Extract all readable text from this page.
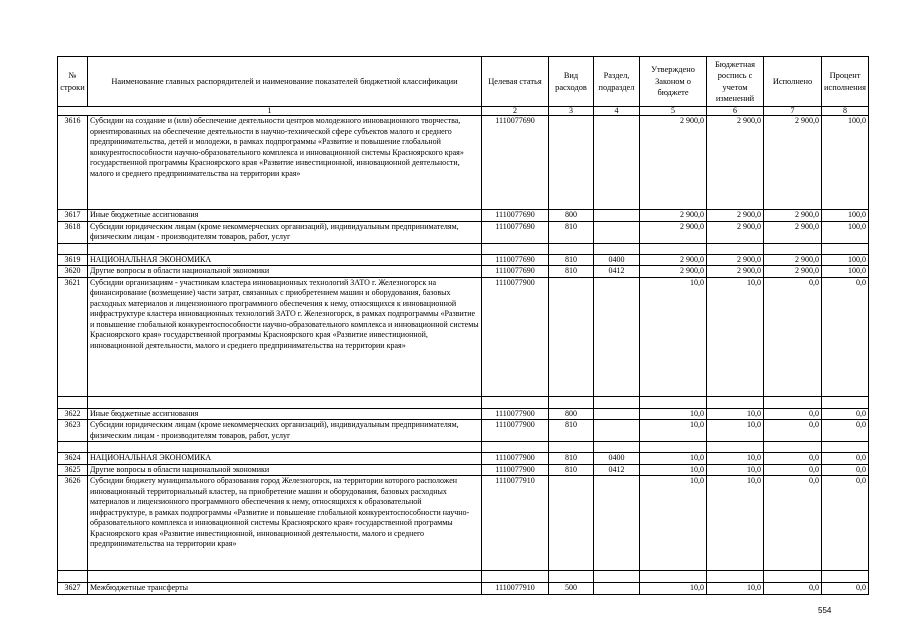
№ строки	Наименование главных распорядителей и наименование показателей бюджетной классификации	Целевая статья	Вид расходов	Раздел, подраздел	Утверждено Законом о бюджете	Бюджетная роспись с учетом изменений	Исполнено	Процент исполнения
1		2	3	4	5	6	7	8
3616	Субсидии на создание и (или) обеспечение деятельности центров молодежного инновационного творчества, ориентированных на обеспечение деятельности в научно-технической сфере субъектов малого и среднего предпринимательства, детей и молодежи, в рамках подпрограммы «Развитие и повышение глобальной конкурентоспособности научно-образовательного комплекса и инновационной системы Красноярского края» государственной программы Красноярского края «Развитие инвестиционной, инновационной деятельности, малого и среднего предпринимательства на территории края»	1110077690			2 900,0	2 900,0	2 900,0	100,0
3617	Иные бюджетные ассигнования	1110077690	800		2 900,0	2 900,0	2 900,0	100,0
3618	Субсидии юридическим лицам (кроме некоммерческих организаций), индивидуальным предпринимателям, физическим лицам - производителям товаров, работ, услуг	1110077690	810		2 900,0	2 900,0	2 900,0	100,0

3619	НАЦИОНАЛЬНАЯ ЭКОНОМИКА	1110077690	810	0400	2 900,0	2 900,0	2 900,0	100,0
3620	Другие вопросы в области национальной экономики	1110077690	810	0412	2 900,0	2 900,0	2 900,0	100,0
3621	Субсидии организациям - участникам кластера инновационных технологий ЗАТО г. Железногорск на финансирование (возмещение) части затрат, связанных с приобретением машин и оборудования, базовых расходных материалов и лицензионного программного обеспечения к нему, относящихся к инновационной инфраструктуре кластера инновационных технологий ЗАТО г. Железногорск, в рамках подпрограммы «Развитие и повышение глобальной конкурентоспособности научно-образовательного комплекса и инновационной системы Красноярского края» государственной программы Красноярского края «Развитие инвестиционной, инновационной деятельности, малого и среднего предпринимательства на территории края»	1110077900			10,0	10,0	0,0	0,0

3622	Иные бюджетные ассигнования	1110077900	800		10,0	10,0	0,0	0,0
3623	Субсидии юридическим лицам (кроме некоммерческих организаций), индивидуальным предпринимателям, физическим лицам - производителям товаров, работ, услуг	1110077900	810		10,0	10,0	0,0	0,0

3624	НАЦИОНАЛЬНАЯ ЭКОНОМИКА	1110077900	810	0400	10,0	10,0	0,0	0,0
3625	Другие вопросы в области национальной экономики	1110077900	810	0412	10,0	10,0	0,0	0,0
3626	Субсидии бюджету муниципального образования город Железногорск, на территории которого расположен инновационный территориальный кластер, на приобретение машин и оборудования, базовых расходных материалов и лицензионного программного обеспечения к нему, относящихся к образовательной инфраструктуре, в рамках подпрограммы «Развитие и повышение глобальной конкурентоспособности научно-образовательного комплекса и инновационной системы Красноярского края» государственной программы Красноярского края «Развитие инвестиционной, инновационной деятельности, малого и среднего предпринимательства на территории края»	1110077910			10,0	10,0	0,0	0,0

3627	Межбюджетные трансферты	1110077910	500		10,0	10,0	0,0	0,0
554
